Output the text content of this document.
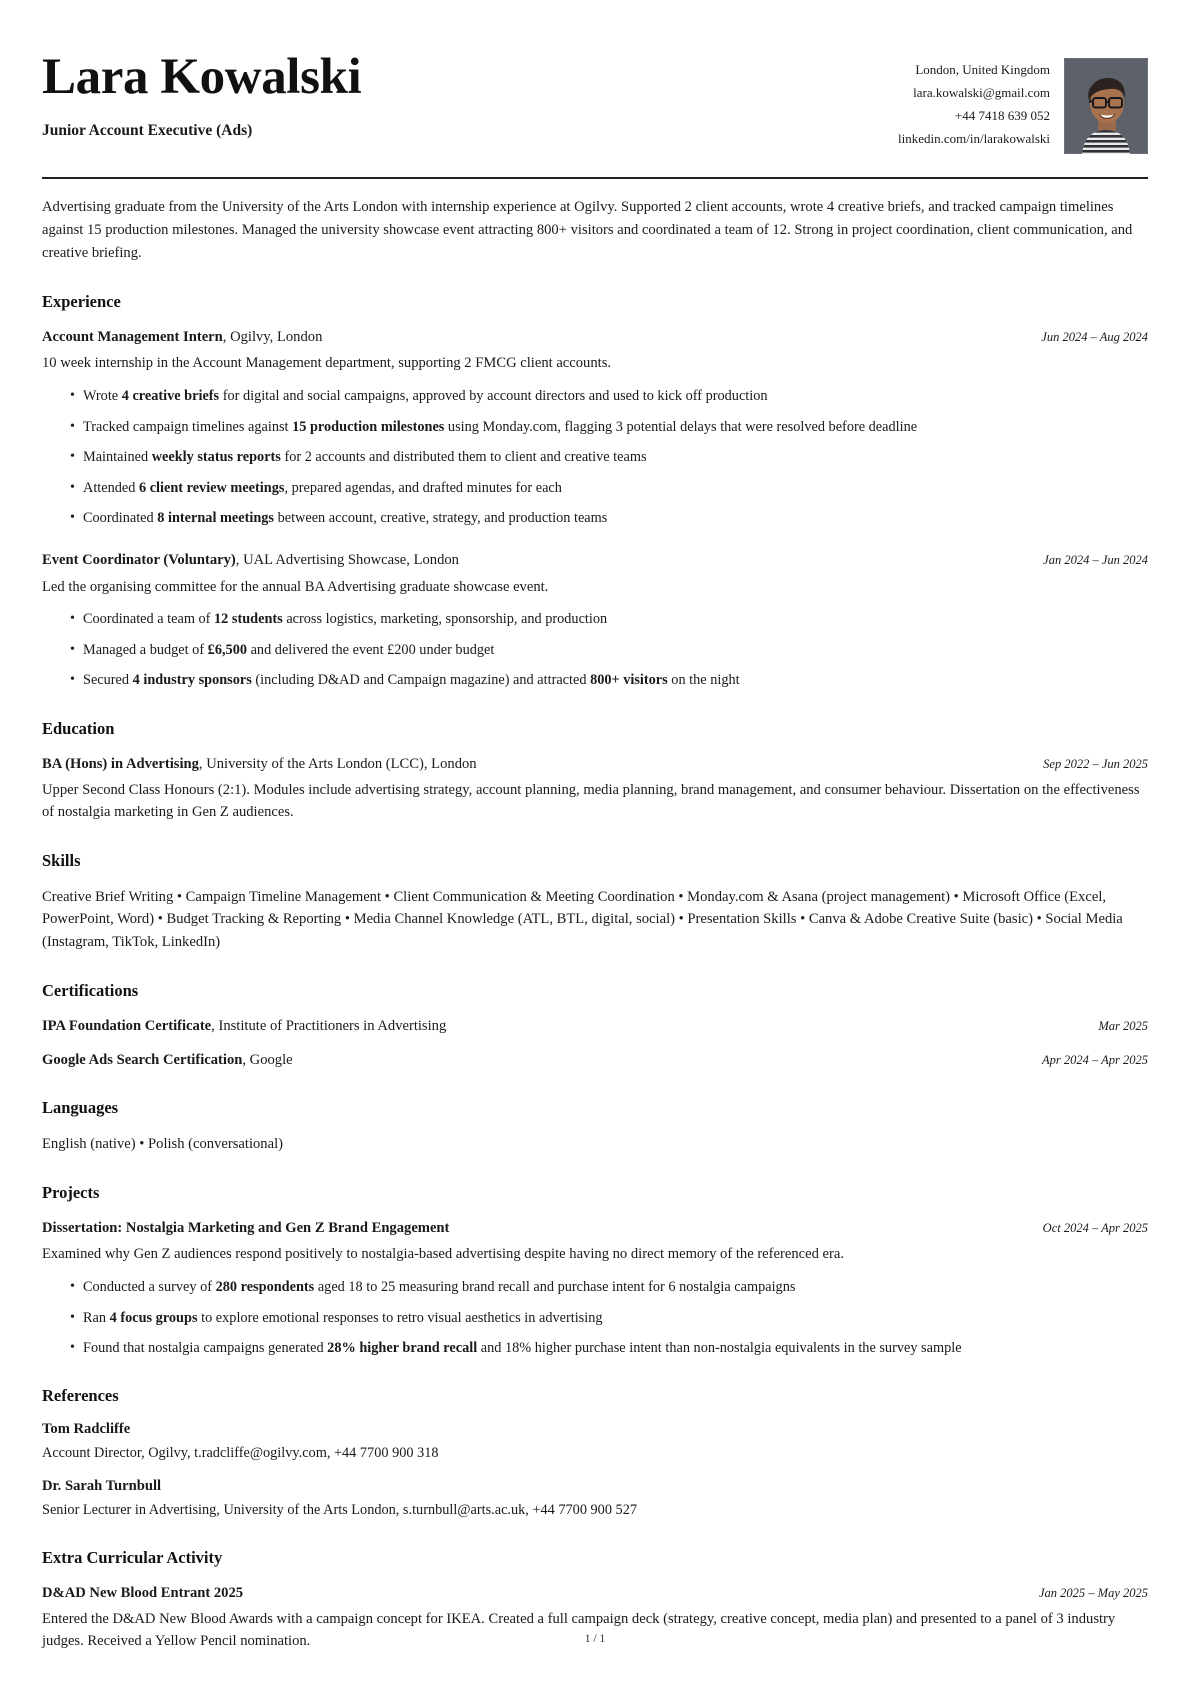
Lara Kowalski
Junior Account Executive (Ads)
London, United Kingdom
lara.kowalski@gmail.com
+44 7418 639 052
linkedin.com/in/larakowalski

Advertising graduate from the University of the Arts London with internship experience at Ogilvy. Supported 2 client accounts, wrote 4 creative briefs, and tracked campaign timelines against 15 production milestones. Managed the university showcase event attracting 800+ visitors and coordinated a team of 12. Strong in project coordination, client communication, and creative briefing.

Experience
Account Management Intern, Ogilvy, London	Jun 2024 – Aug 2024
10 week internship in the Account Management department, supporting 2 FMCG client accounts.
• Wrote 4 creative briefs for digital and social campaigns, approved by account directors and used to kick off production
• Tracked campaign timelines against 15 production milestones using Monday.com, flagging 3 potential delays that were resolved before deadline
• Maintained weekly status reports for 2 accounts and distributed them to client and creative teams
• Attended 6 client review meetings, prepared agendas, and drafted minutes for each
• Coordinated 8 internal meetings between account, creative, strategy, and production teams
Event Coordinator (Voluntary), UAL Advertising Showcase, London	Jan 2024 – Jun 2024
Led the organising committee for the annual BA Advertising graduate showcase event.
• Coordinated a team of 12 students across logistics, marketing, sponsorship, and production
• Managed a budget of £6,500 and delivered the event £200 under budget
• Secured 4 industry sponsors (including D&AD and Campaign magazine) and attracted 800+ visitors on the night
Education
BA (Hons) in Advertising, University of the Arts London (LCC), London	Sep 2022 – Jun 2025
Upper Second Class Honours (2:1). Modules include advertising strategy, account planning, media planning, brand management, and consumer behaviour. Dissertation on the effectiveness of nostalgia marketing in Gen Z audiences.
Skills
Creative Brief Writing • Campaign Timeline Management • Client Communication & Meeting Coordination • Monday.com & Asana (project management) • Microsoft Office (Excel, PowerPoint, Word) • Budget Tracking & Reporting • Media Channel Knowledge (ATL, BTL, digital, social) • Presentation Skills • Canva & Adobe Creative Suite (basic) • Social Media (Instagram, TikTok, LinkedIn)
Certifications
IPA Foundation Certificate, Institute of Practitioners in Advertising	Mar 2025
Google Ads Search Certification, Google	Apr 2024 – Apr 2025
Languages
English (native) • Polish (conversational)
Projects
Dissertation: Nostalgia Marketing and Gen Z Brand Engagement	Oct 2024 – Apr 2025
Examined why Gen Z audiences respond positively to nostalgia-based advertising despite having no direct memory of the referenced era.
• Conducted a survey of 280 respondents aged 18 to 25 measuring brand recall and purchase intent for 6 nostalgia campaigns
• Ran 4 focus groups to explore emotional responses to retro visual aesthetics in advertising
• Found that nostalgia campaigns generated 28% higher brand recall and 18% higher purchase intent than non-nostalgia equivalents in the survey sample
References
Tom Radcliffe
Account Director, Ogilvy, t.radcliffe@ogilvy.com, +44 7700 900 318
Dr. Sarah Turnbull
Senior Lecturer in Advertising, University of the Arts London, s.turnbull@arts.ac.uk, +44 7700 900 527
Extra Curricular Activity
D&AD New Blood Entrant 2025	Jan 2025 – May 2025
Entered the D&AD New Blood Awards with a campaign concept for IKEA. Created a full campaign deck (strategy, creative concept, media plan) and presented to a panel of 3 industry judges. Received a Yellow Pencil nomination.	1 / 1
